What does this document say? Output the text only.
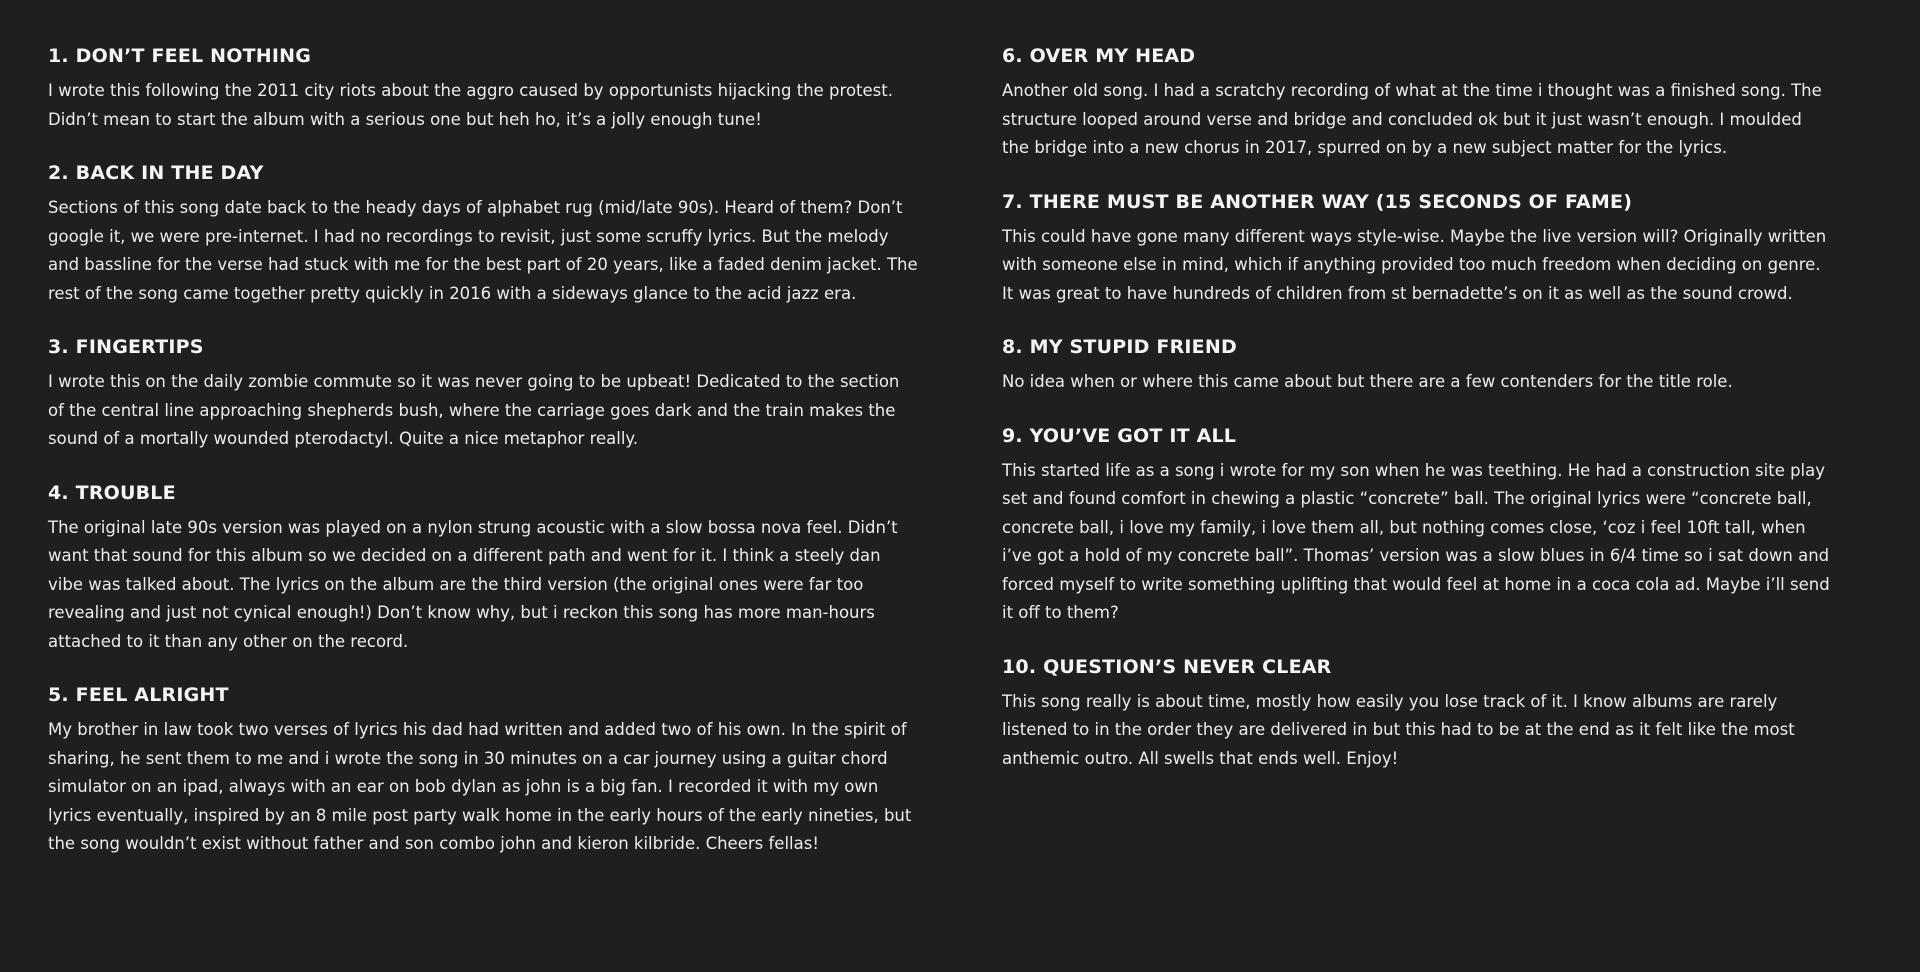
1. DON’T FEEL NOTHING

I wrote this following the 2011 city riots about the aggro caused by opportunists hijacking the protest. Didn’t mean to start the album with a serious one but heh ho, it’s a jolly enough tune!

2. BACK IN THE DAY

Sections of this song date back to the heady days of alphabet rug (mid/late 90s). Heard of them? Don’t google it, we were pre-internet. I had no recordings to revisit, just some scruffy lyrics. But the melody and bassline for the verse had stuck with me for the best part of 20 years, like a faded denim jacket. The rest of the song came together pretty quickly in 2016 with a sideways glance to the acid jazz era.

3. FINGERTIPS

I wrote this on the daily zombie commute so it was never going to be upbeat! Dedicated to the section of the central line approaching shepherds bush, where the carriage goes dark and the train makes the sound of a mortally wounded pterodactyl. Quite a nice metaphor really.

4. TROUBLE

The original late 90s version was played on a nylon strung acoustic with a slow bossa nova feel. Didn’t want that sound for this album so we decided on a different path and went for it. I think a steely dan vibe was talked about. The lyrics on the album are the third version (the original ones were far too revealing and just not cynical enough!) Don’t know why, but i reckon this song has more man-hours attached to it than any other on the record.

5. FEEL ALRIGHT

My brother in law took two verses of lyrics his dad had written and added two of his own. In the spirit of sharing, he sent them to me and i wrote the song in 30 minutes on a car journey using a guitar chord simulator on an ipad, always with an ear on bob dylan as john is a big fan. I recorded it with my own lyrics eventually, inspired by an 8 mile post party walk home in the early hours of the early nineties, but the song wouldn’t exist without father and son combo john and kieron kilbride. Cheers fellas!

6. OVER MY HEAD

Another old song. I had a scratchy recording of what at the time i thought was a finished song. The structure looped around verse and bridge and concluded ok but it just wasn’t enough. I moulded the bridge into a new chorus in 2017, spurred on by a new subject matter for the lyrics.

7. THERE MUST BE ANOTHER WAY (15 SECONDS OF FAME)

This could have gone many different ways style-wise. Maybe the live version will? Originally written with someone else in mind, which if anything provided too much freedom when deciding on genre. It was great to have hundreds of children from st bernadette’s on it as well as the sound crowd.

8. MY STUPID FRIEND

No idea when or where this came about but there are a few contenders for the title role.

9. YOU’VE GOT IT ALL

This started life as a song i wrote for my son when he was teething. He had a construction site play set and found comfort in chewing a plastic “concrete” ball. The original lyrics were “concrete ball, concrete ball, i love my family, i love them all, but nothing comes close, ‘coz i feel 10ft tall, when i’ve got a hold of my concrete ball”. Thomas’ version was a slow blues in 6/4 time so i sat down and forced myself to write something uplifting that would feel at home in a coca cola ad. Maybe i’ll send it off to them?

10. QUESTION’S NEVER CLEAR

This song really is about time, mostly how easily you lose track of it. I know albums are rarely listened to in the order they are delivered in but this had to be at the end as it felt like the most anthemic outro. All swells that ends well. Enjoy!
